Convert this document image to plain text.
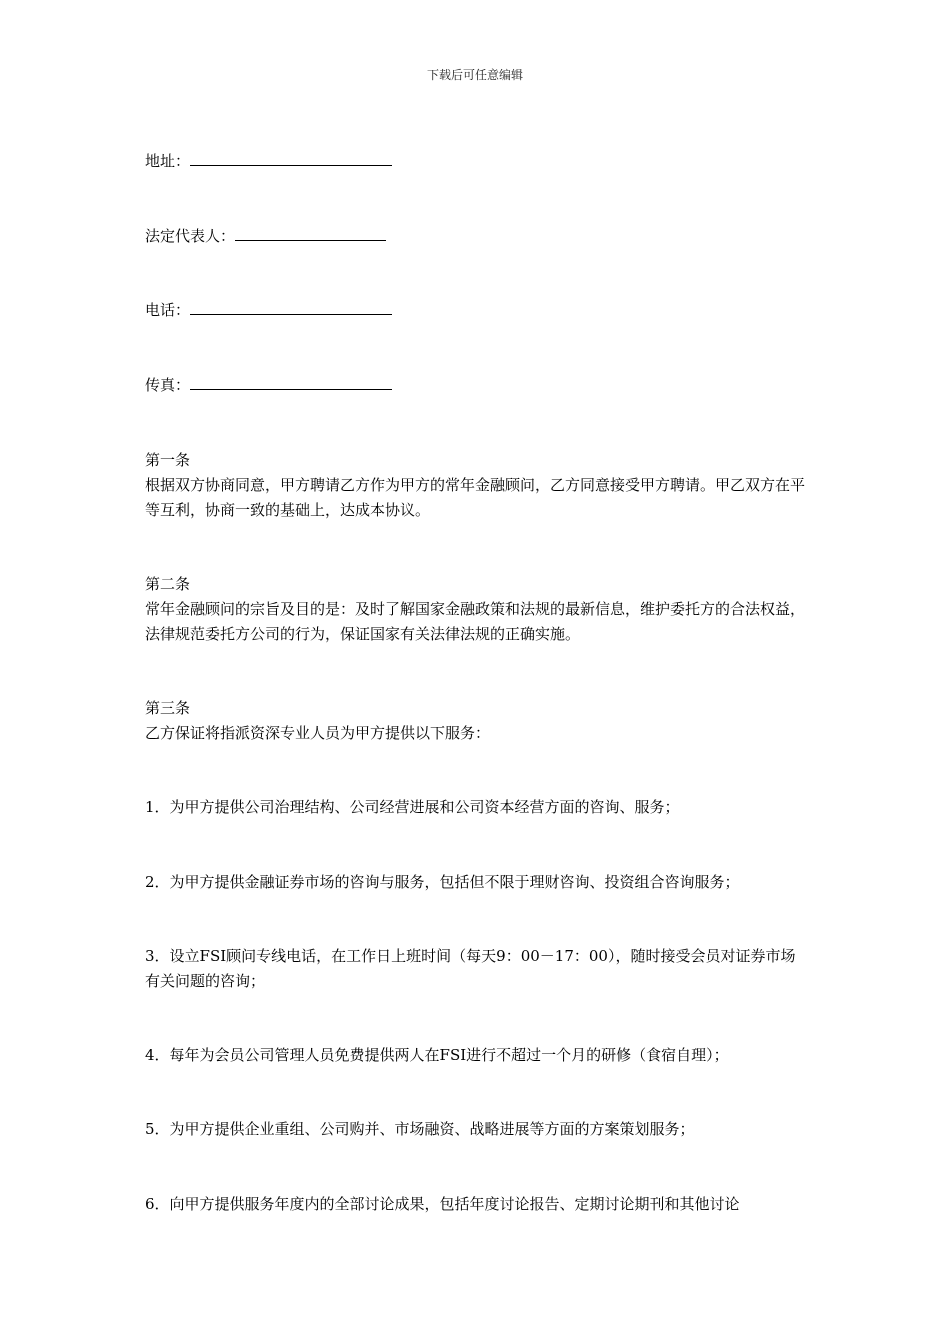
下载后可任意编辑
地址：
法定代表人：
电话：
传真：

第一条

根据双方协商同意，甲方聘请乙方作为甲方的常年金融顾问，乙方同意接受甲方聘请。甲乙双方在平等互利，协商一致的基础上，达成本协议。

第二条

常年金融顾问的宗旨及目的是：及时了解国家金融政策和法规的最新信息，维护委托方的合法权益，法律规范委托方公司的行为，保证国家有关法律法规的正确实施。

第三条

乙方保证将指派资深专业人员为甲方提供以下服务：

1．为甲方提供公司治理结构、公司经营进展和公司资本经营方面的咨询、服务；

2．为甲方提供金融证券市场的咨询与服务，包括但不限于理财咨询、投资组合咨询服务；

3．设立FSI顾问专线电话，在工作日上班时间（每天9：00－17：00），随时接受会员对证券市场有关问题的咨询；

4．每年为会员公司管理人员免费提供两人在FSI进行不超过一个月的研修（食宿自理）；

5．为甲方提供企业重组、公司购并、市场融资、战略进展等方面的方案策划服务；

6．向甲方提供服务年度内的全部讨论成果，包括年度讨论报告、定期讨论期刊和其他讨论
